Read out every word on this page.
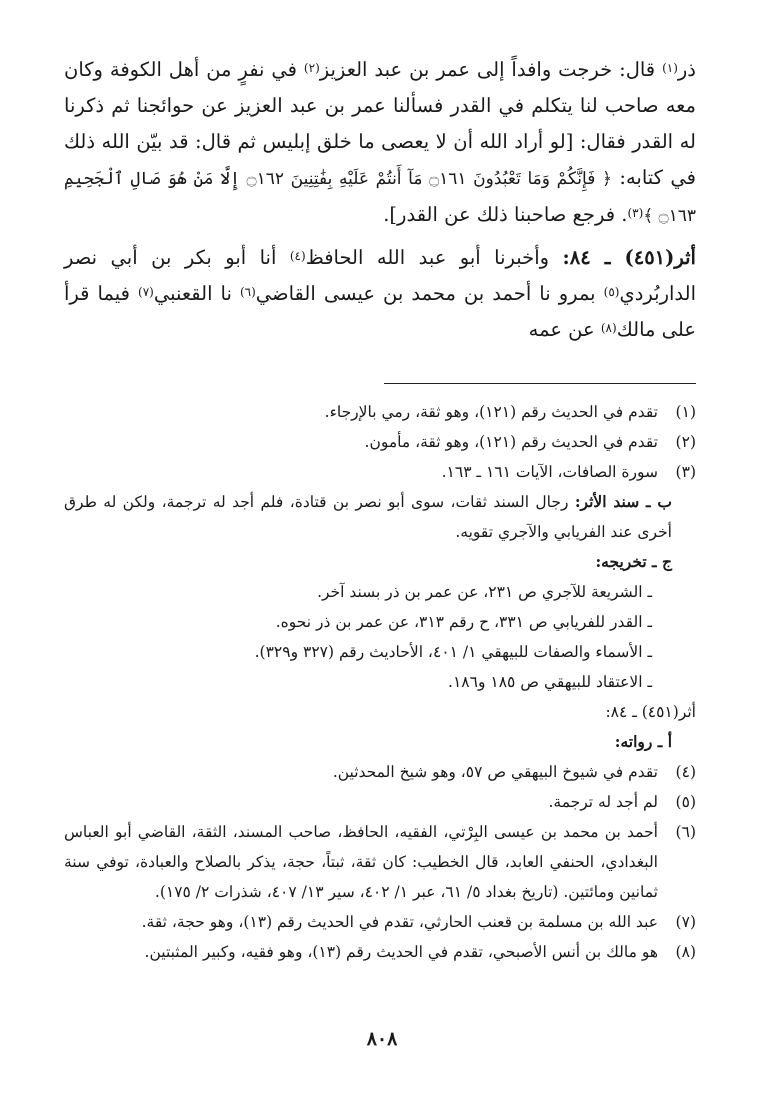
ذر$^{(١)}$ قال: خرجت وافداً إلى عمر بن عبد العزيز$^{(٢)}$ في نفرٍ من أهل الكوفة وكان معه صاحب لنا يتكلم في القدر فسألنا عمر بن عبد العزيز عن حوائجنا ثم ذكرنا له القدر فقال: [لو أراد الله أن لا يعصى ما خلق إبليس ثم قال: قد بيّن الله ذلك في كتابه: ﴿ فَإِنَّكُمْ وَمَا تَعْبُدُونَ ۝١٦١ مَآ أَنتُمْ عَلَيْهِ بِفَٰتِنِينَ ۝١٦٢ إِلَّا مَنْ هُوَ صَالِ ٱلْجَحِيمِ ۝١٦٣ ﴾$^{(٣)}$. فرجع صاحبنا ذلك عن القدر].

أثر(٤٥١) ـ ٨٤: وأخبرنا أبو عبد الله الحافظ$^{(٤)}$ أنا أبو بكر بن أبي نصر الداربُردي$^{(٥)}$ بمرو نا أحمد بن محمد بن عيسى القاضي$^{(٦)}$ نا القعنبي$^{(٧)}$ فيما قرأ على مالك$^{(٨)}$ عن عمه

(١)
تقدم في الحديث رقم (١٢١)، وهو ثقة، رمي بالإرجاء.
(٢)
تقدم في الحديث رقم (١٢١)، وهو ثقة، مأمون.
(٣)
سورة الصافات، الآيات ١٦١ ـ ١٦٣.
ب ـ سند الأثر: رجال السند ثقات، سوى أبو نصر بن قتادة، فلم أجد له ترجمة، ولكن له طرق أخرى عند الفريابي والآجري تقويه.
ج ـ تخريجه:
ـ الشريعة للآجري ص ٢٣١، عن عمر بن ذر بسند آخر.
ـ القدر للفريابي ص ٣٣١، ح رقم ٣١٣، عن عمر بن ذر نحوه.
ـ الأسماء والصفات للبيهقي ١/ ٤٠١، الأحاديث رقم (٣٢٧ و٣٢٩).
ـ الاعتقاد للبيهقي ص ١٨٥ و١٨٦.
أثر(٤٥١) ـ ٨٤:
أ ـ رواته:
(٤)
تقدم في شيوخ البيهقي ص ٥٧، وهو شيخ المحدثين.
(٥)
لم أجد له ترجمة.
(٦)
أحمد بن محمد بن عيسى البِرْتي، الفقيه، الحافظ، صاحب المسند، الثقة، القاضي أبو العباس البغدادي، الحنفي العابد، قال الخطيب: كان ثقة، ثبتاً، حجة، يذكر بالصلاح والعبادة، توفي سنة ثمانين ومائتين. (تاريخ بغداد ٥/ ٦١، عبر ١/ ٤٠٢، سير ١٣/ ٤٠٧، شذرات ٢/ ١٧٥).
(٧)
عبد الله بن مسلمة بن قعنب الحارثي، تقدم في الحديث رقم (١٣)، وهو حجة، ثقة.
(٨)
هو مالك بن أنس الأصبحي، تقدم في الحديث رقم (١٣)، وهو فقيه، وكبير المثبتين.
٨٠٨
